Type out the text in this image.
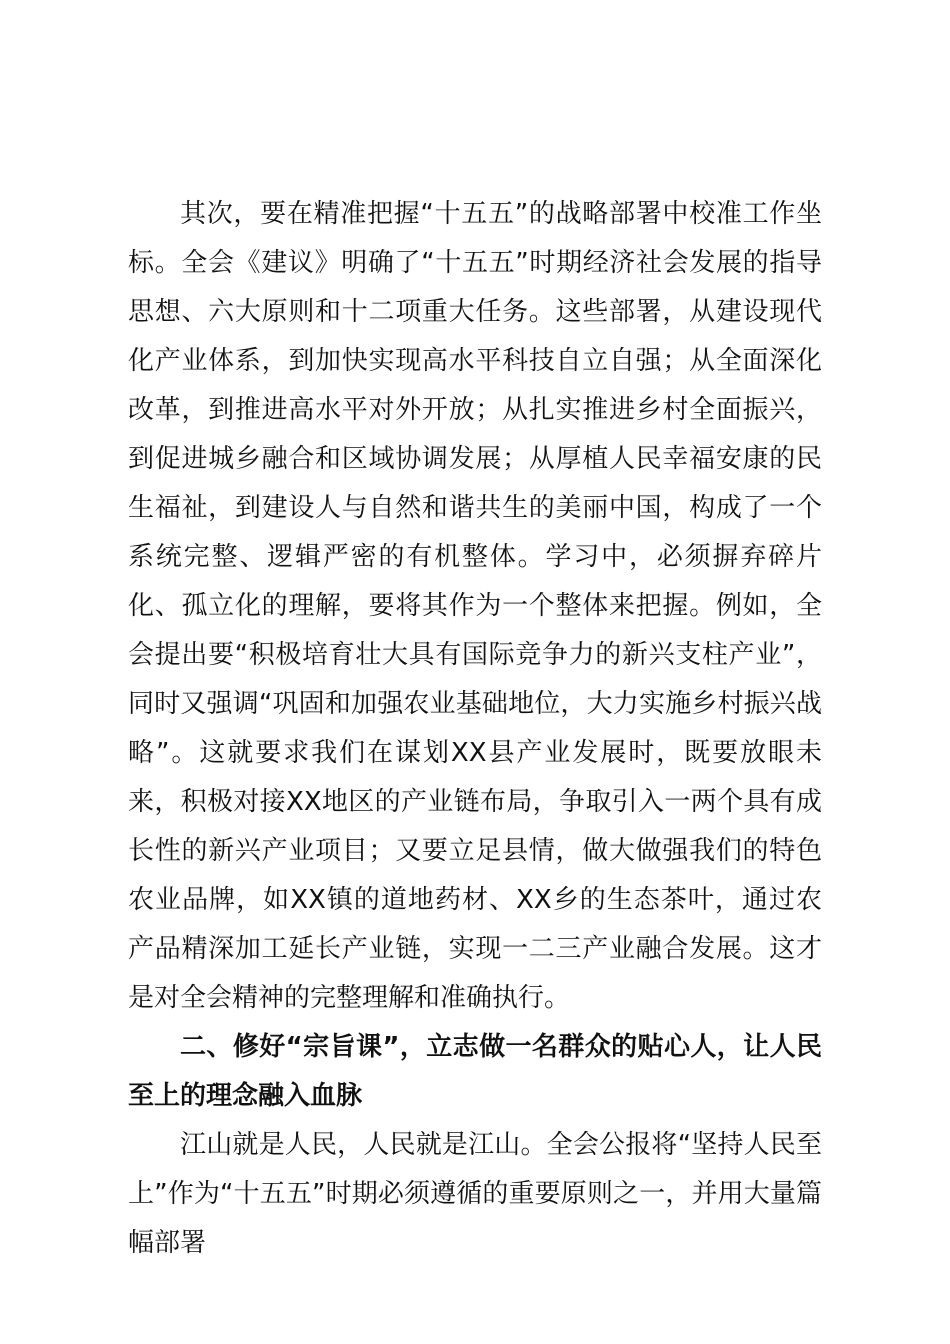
其次，要在精准把握“十五五”的战略部署中校准工作坐标。全会《建议》明确了“十五五”时期经济社会发展的指导思想、六大原则和十二项重大任务。这些部署，从建设现代化产业体系，到加快实现高水平科技自立自强；从全面深化改革，到推进高水平对外开放；从扎实推进乡村全面振兴，到促进城乡融合和区域协调发展；从厚植人民幸福安康的民生福祉，到建设人与自然和谐共生的美丽中国，构成了一个系统完整、逻辑严密的有机整体。学习中，必须摒弃碎片化、孤立化的理解，要将其作为一个整体来把握。例如，全会提出要“积极培育壮大具有国际竞争力的新兴支柱产业”，同时又强调“巩固和加强农业基础地位，大力实施乡村振兴战略”。这就要求我们在谋划XX县产业发展时，既要放眼未来，积极对接XX地区的产业链布局，争取引入一两个具有成长性的新兴产业项目；又要立足县情，做大做强我们的特色农业品牌，如XX镇的道地药材、XX乡的生态茶叶，通过农产品精深加工延长产业链，实现一二三产业融合发展。这才是对全会精神的完整理解和准确执行。

二、修好“宗旨课”，立志做一名群众的贴心人，让人民至上的理念融入血脉

江山就是人民，人民就是江山。全会公报将“坚持人民至上”作为“十五五”时期必须遵循的重要原则之一，并用大量篇幅部署
